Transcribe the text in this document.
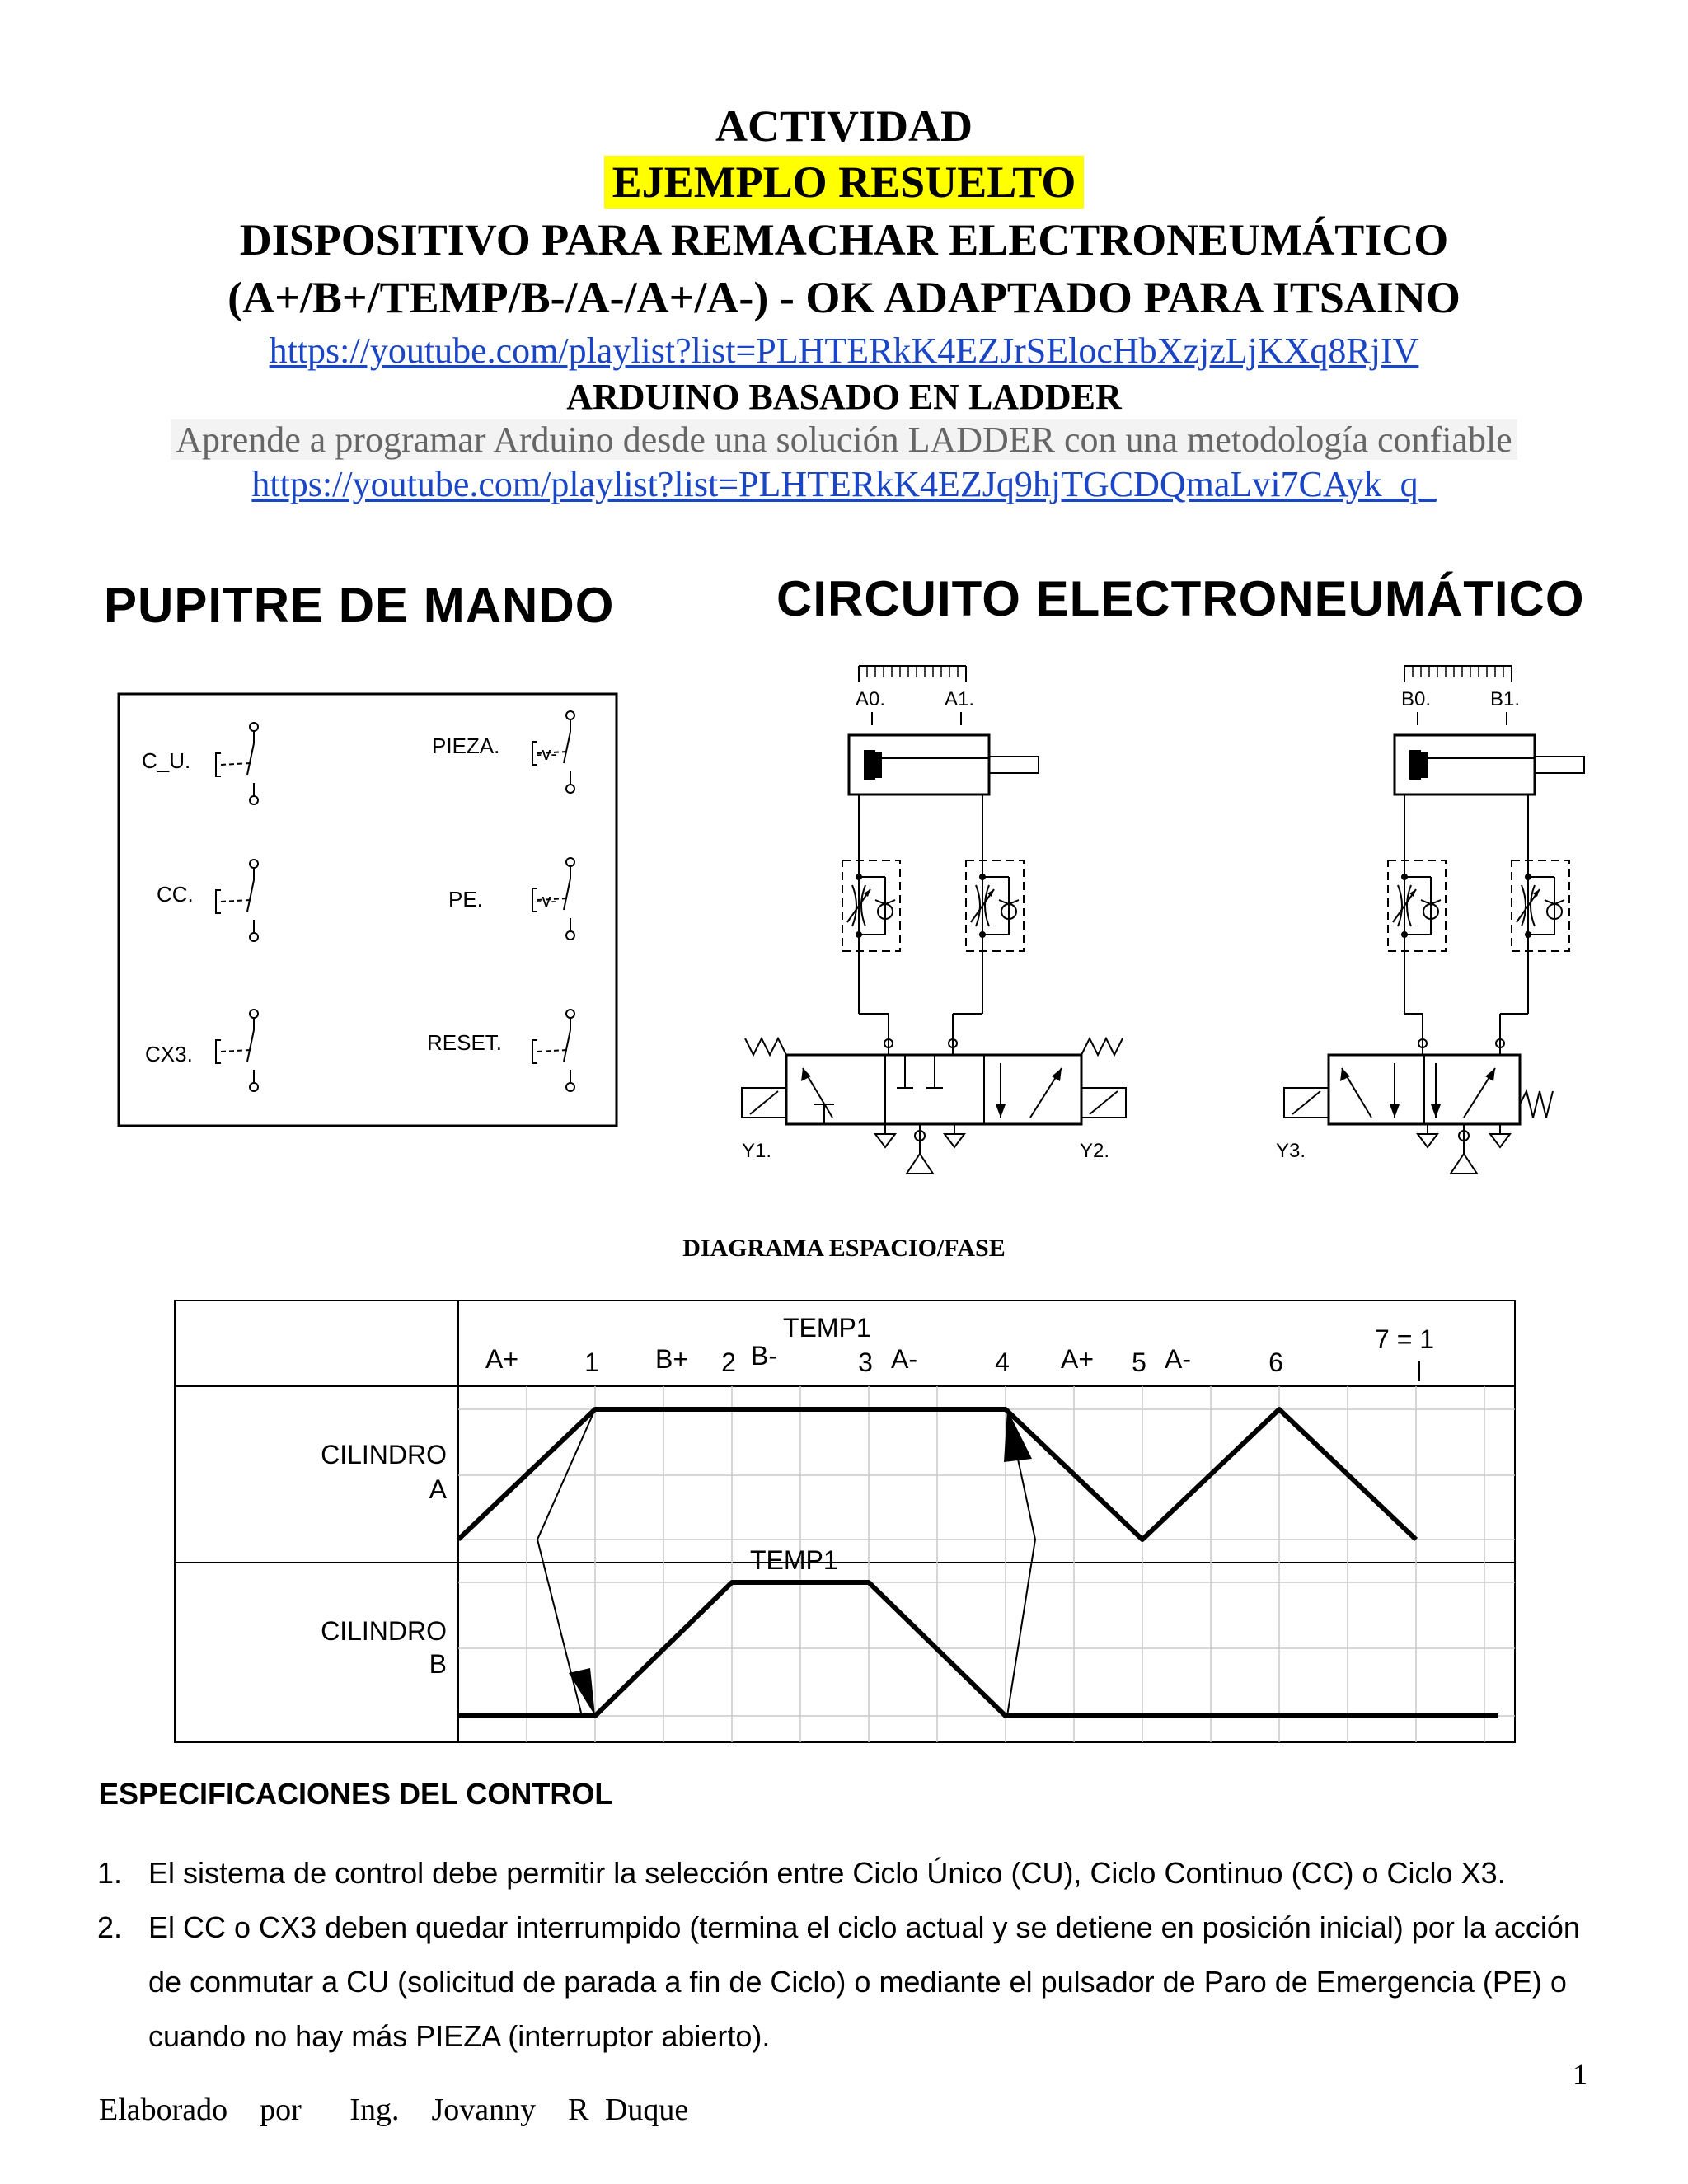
ACTIVIDAD
EJEMPLO RESUELTO
DISPOSITIVO PARA REMACHAR ELECTRONEUMÁTICO
(A+/B+/TEMP/B-/A-/A+/A-) - OK ADAPTADO PARA ITSAINO
https://youtube.com/playlist?list=PLHTERkK4EZJrSElocHbXzjzLjKXq8RjIV
ARDUINO BASADO EN LADDER
Aprende a programar Arduino desde una solución LADDER con una metodología confiable
https://youtube.com/playlist?list=PLHTERkK4EZJq9hjTGCDQmaLvi7CAyk_q_
PUPITRE DE MANDO	CIRCUITO ELECTRONEUMÁTICO
C_U.
PIEZA. -v-
CC.	PE.	-v-
CX3.	RESET.
A0.	A1.
Y1.	Y2.
B0.	B1.
Y3.
DIAGRAMA ESPACIO/FASE
TEMP1
1	2	3	4	5	6
A+	B+ B-	A-	A+	A-
7 = 1
CILINDRO
A
CILINDRO
B
TEMP1
ESPECIFICACIONES DEL CONTROL
1. El sistema de control debe permitir la selección entre Ciclo Único (CU), Ciclo Continuo (CC) o Ciclo X3.
2. El CC o CX3 deben quedar interrumpido (termina el ciclo actual y se detiene en posición inicial) por la acción de conmutar a CU (solicitud de parada a fin de Ciclo) o mediante el pulsador de Paro de Emergencia (PE) o cuando no hay más PIEZA (interruptor abierto).
1
Elaborado  por   Ing.  Jovanny  R Duque
